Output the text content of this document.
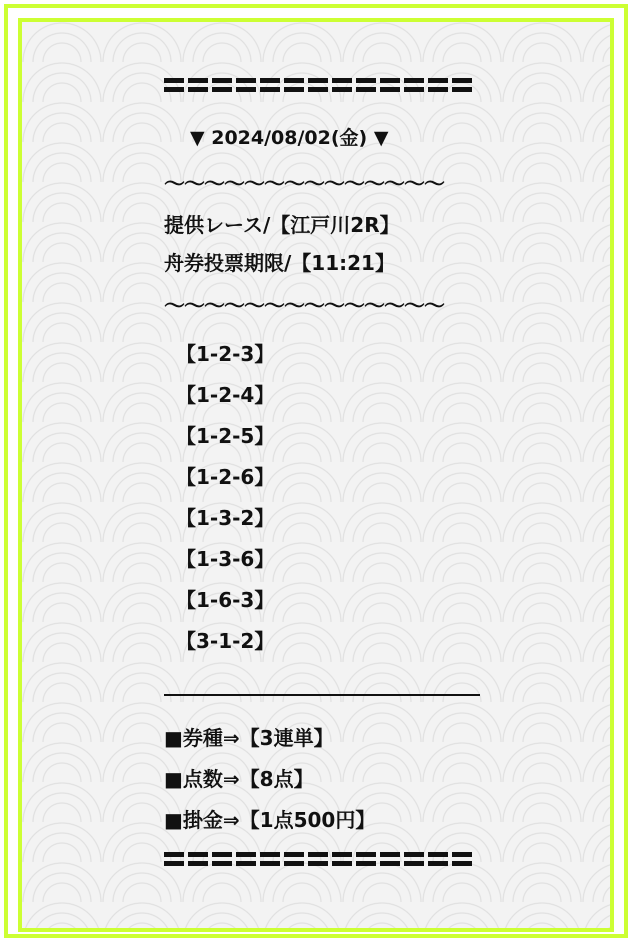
▼ 2024/08/02(金) ▼
〜〜〜〜〜〜〜〜〜〜〜〜〜〜
提供レース/【江戸川2R】
舟券投票期限/【11:21】
〜〜〜〜〜〜〜〜〜〜〜〜〜〜
【1-2-3】
【1-2-4】
【1-2-5】
【1-2-6】
【1-3-2】
【1-3-6】
【1-6-3】
【3-1-2】
■券種⇒【3連単】
■点数⇒【8点】
■掛金⇒【1点500円】
